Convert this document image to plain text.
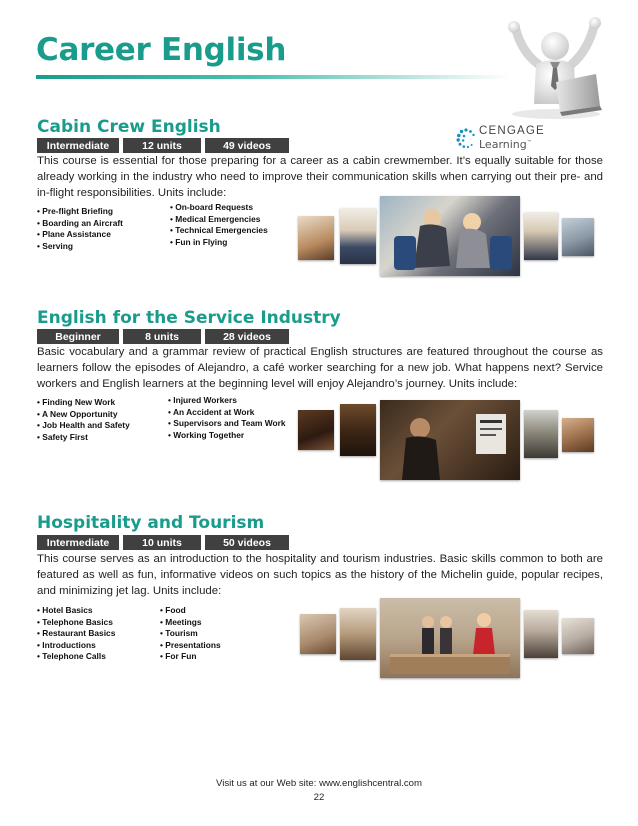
Career English
Cabin Crew English	CENGAGE
Learning™
Intermediate	12 units	49 videos

This course is essential for those preparing for a career as a cabin crewmember. It’s equally suitable for those already working in the industry who need to improve their communication skills when carrying out their pre- and in-flight responsibilities. Units include:

• Pre-flight Briefing
• Boarding an Aircraft
• Plane Assistance
• Serving
• On-board Requests
• Medical Emergencies
• Technical Emergencies
• Fun in Flying
English for the Service Industry
Beginner	8 units	28 videos

Basic vocabulary and a grammar review of practical English structures are featured throughout the course as learners follow the episodes of Alejandro, a café worker searching for a new job. What happens next? Service workers and English learners at the beginning level will enjoy Alejandro’s journey. Units include:

• Finding New Work
• A New Opportunity
• Job Health and Safety
• Safety First
• Injured Workers
• An Accident at Work
• Supervisors and Team Work
• Working Together
Hospitality and Tourism
Intermediate	10 units	50 videos

This course serves as an introduction to the hospitality and tourism industries. Basic skills common to both are featured as well as fun, informative videos on such topics as the history of the Michelin guide, popular recipes, and minimizing jet lag. Units include:

• Hotel Basics
• Telephone Basics
• Restaurant Basics
• Introductions
• Telephone Calls
• Food
• Meetings
• Tourism
• Presentations
• For Fun
Visit us at our Web site: www.englishcentral.com
22
